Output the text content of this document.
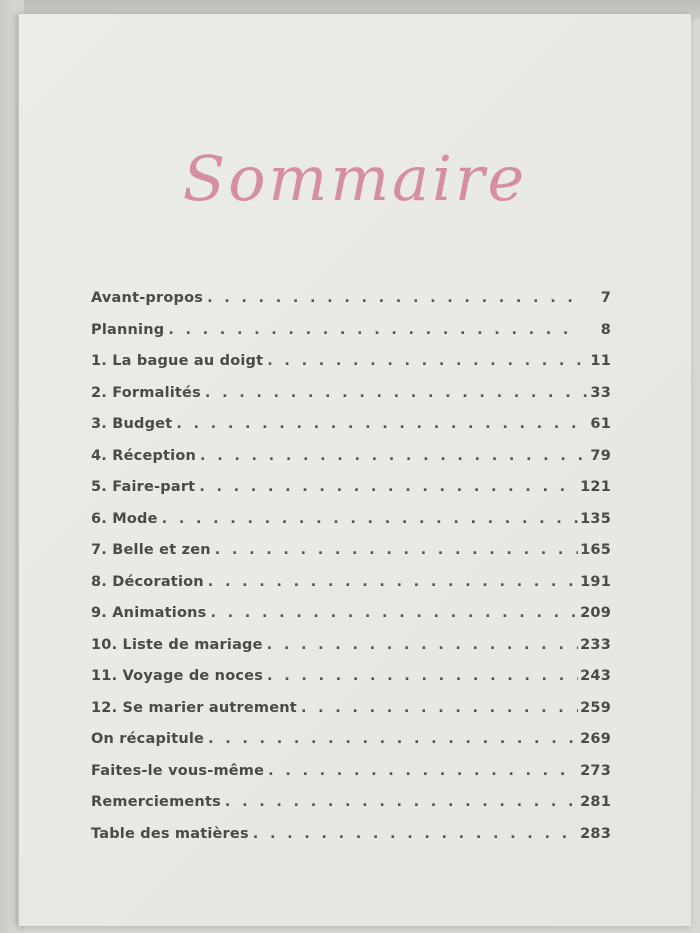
Sommaire
Avant-propos . . .	7
Planning . . .	8
1. La bague au doigt . . .	11
2. Formalités . . .	33
3. Budget . . .	61
4. Réception . . .	79
5. Faire-part . . .	121
6. Mode . . .	135
7. Belle et zen . . .	165
8. Décoration . . .	191
9. Animations . . .	209
10. Liste de mariage . . .	233
11. Voyage de noces . . .	243
12. Se marier autrement . . .	259
On récapitule . . .	269
Faites-le vous-même . . .	273
Remerciements . . .	281
Table des matières . . .	283
